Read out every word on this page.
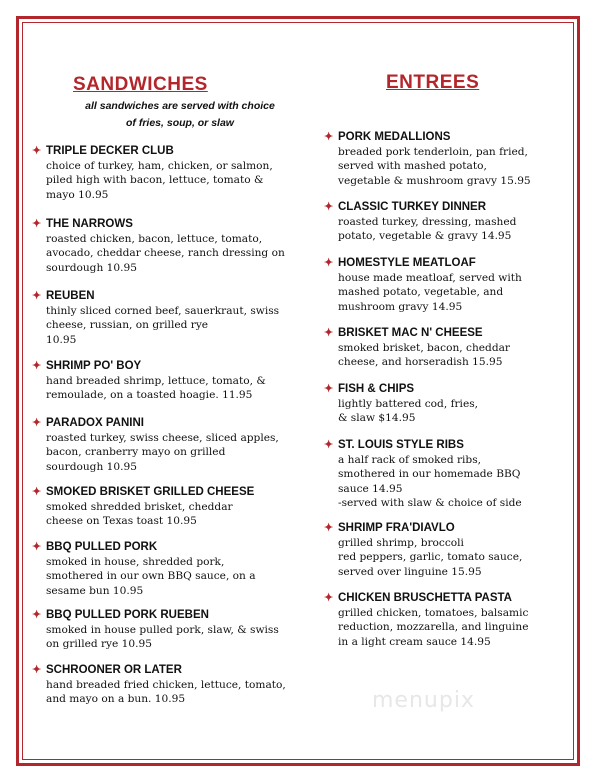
SANDWICHES
all sandwiches are served with choice
of fries, soup, or slaw
ENTREES
✦ TRIPLE DECKER CLUB
choice of turkey, ham, chicken, or salmon,
piled high with bacon, lettuce, tomato &
mayo 10.95
✦ THE NARROWS
roasted chicken, bacon, lettuce, tomato,
avocado, cheddar cheese, ranch dressing on
sourdough 10.95
✦ REUBEN
thinly sliced corned beef, sauerkraut, swiss
cheese, russian, on grilled rye
10.95
✦ SHRIMP PO' BOY
hand breaded shrimp, lettuce, tomato, &
remoulade, on a toasted hoagie. 11.95
✦ PARADOX PANINI
roasted turkey, swiss cheese, sliced apples,
bacon, cranberry mayo on grilled
sourdough 10.95
✦ SMOKED BRISKET GRILLED CHEESE
smoked shredded brisket, cheddar
cheese on Texas toast 10.95
✦ BBQ PULLED PORK
smoked in house, shredded pork,
smothered in our own BBQ sauce, on a
sesame bun 10.95
✦ BBQ PULLED PORK RUEBEN
smoked in house pulled pork, slaw, & swiss
on grilled rye 10.95
✦ SCHROONER OR LATER
hand breaded fried chicken, lettuce, tomato,
and mayo on a bun. 10.95
✦ PORK MEDALLIONS
breaded pork tenderloin, pan fried,
served with mashed potato,
vegetable & mushroom gravy 15.95
✦ CLASSIC TURKEY DINNER
roasted turkey, dressing, mashed
potato, vegetable & gravy 14.95
✦ HOMESTYLE MEATLOAF
house made meatloaf, served with
mashed potato, vegetable, and
mushroom gravy 14.95
✦ BRISKET MAC N' CHEESE
smoked brisket, bacon, cheddar
cheese, and horseradish 15.95
✦ FISH & CHIPS
lightly battered cod, fries,
& slaw $14.95
✦ ST. LOUIS STYLE RIBS
a half rack of smoked ribs,
smothered in our homemade BBQ
sauce 14.95
-served with slaw & choice of side
✦ SHRIMP FRA'DIAVLO
grilled shrimp, broccoli
red peppers, garlic, tomato sauce,
served over linguine 15.95
✦ CHICKEN BRUSCHETTA PASTA
grilled chicken, tomatoes, balsamic
reduction, mozzarella, and linguine
in a light cream sauce 14.95
menupix
